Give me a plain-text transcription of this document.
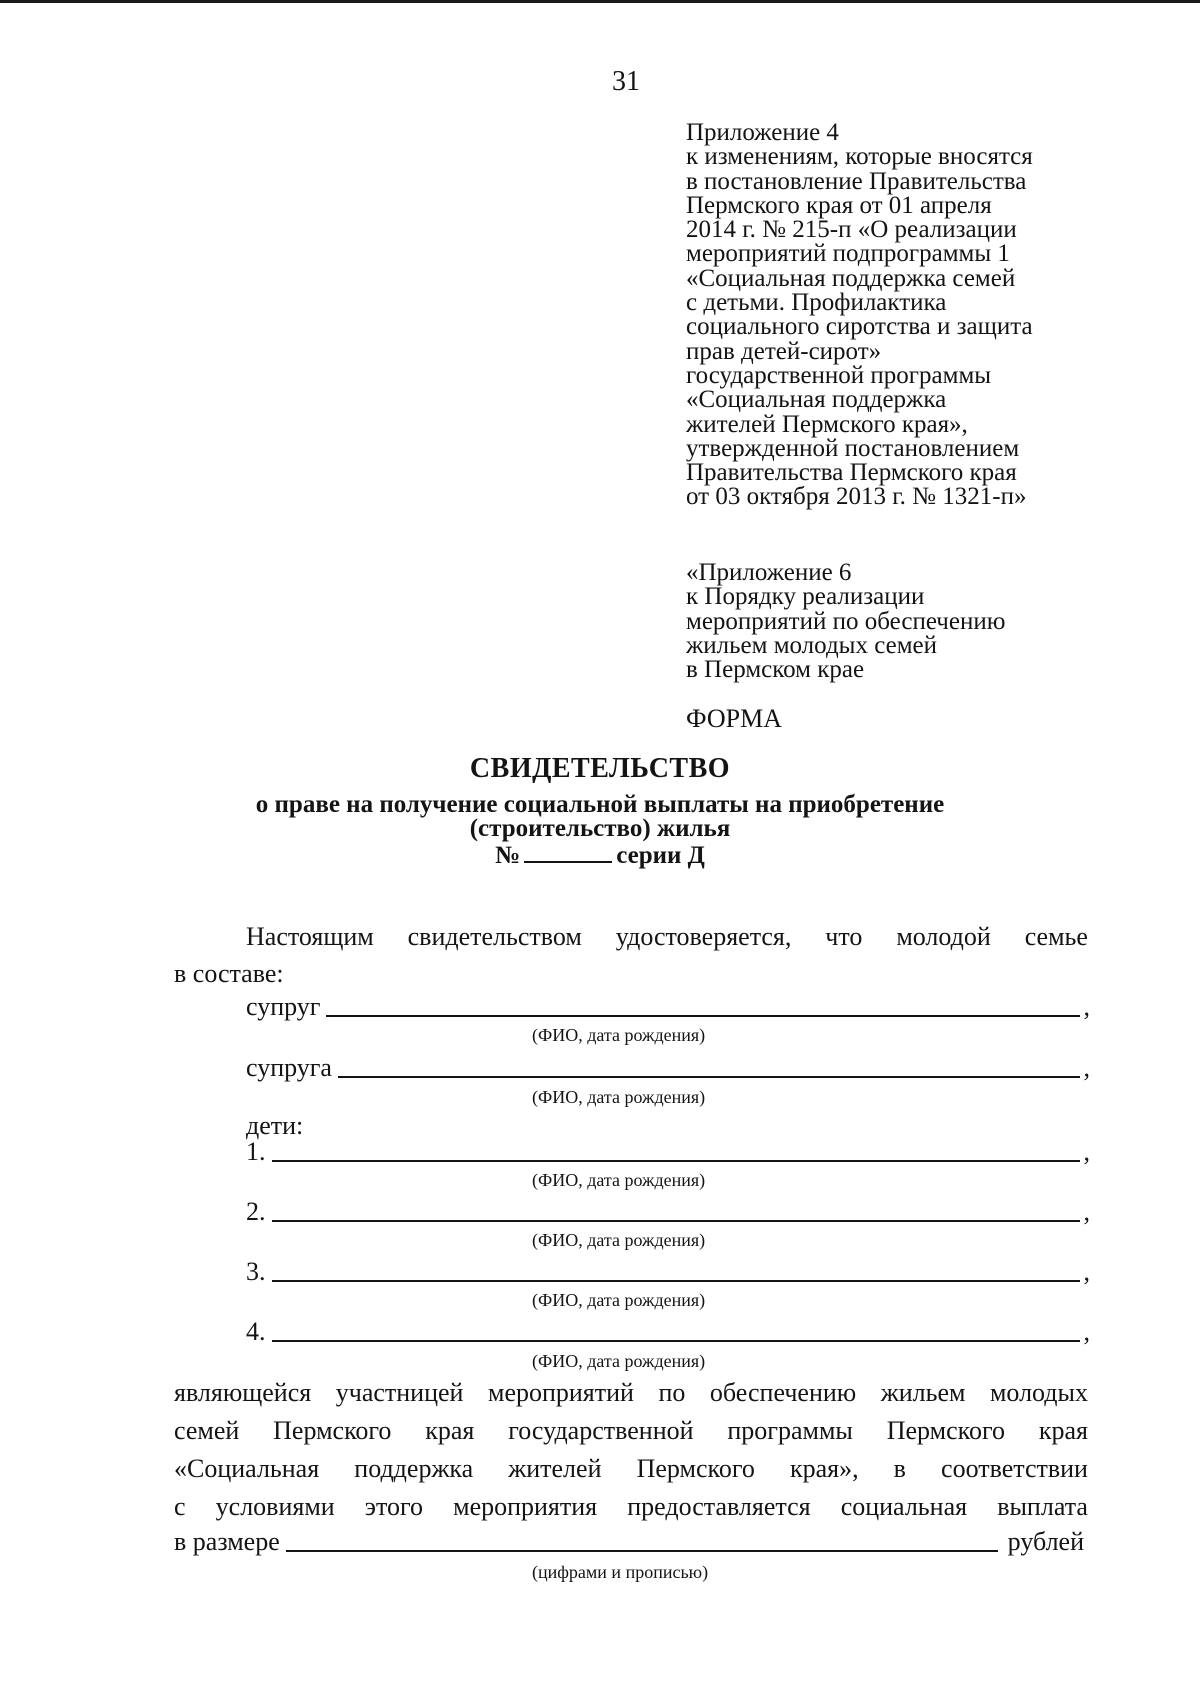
31
Приложение 4
к изменениям, которые вносятся
в постановление Правительства
Пермского края от 01 апреля
2014 г. № 215-п «О реализации
мероприятий подпрограммы 1
«Социальная поддержка семей
с детьми. Профилактика
социального сиротства и защита
прав детей-сирот»
государственной программы
«Социальная поддержка
жителей Пермского края»,
утвержденной постановлением
Правительства Пермского края
от 03 октября 2013 г. № 1321-п»
«Приложение 6
к Порядку реализации
мероприятий по обеспечению
жильем молодых семей
в Пермском крае
ФОРМА
СВИДЕТЕЛЬСТВО
о праве на получение социальной выплаты на приобретение
(строительство) жилья
№	серии Д
Настоящим свидетельством удостоверяется, что молодой семье
в составе:
супруг	,
(ФИО, дата рождения)
супруга	,
(ФИО, дата рождения)
дети:
1.	,
(ФИО, дата рождения)
2.	,
(ФИО, дата рождения)
3.	,
(ФИО, дата рождения)
4.	,
(ФИО, дата рождения)
являющейся участницей мероприятий по обеспечению жильем молодых
семей Пермского края государственной программы Пермского края
«Социальная поддержка жителей Пермского края», в соответствии
с условиями этого мероприятия предоставляется социальная выплата
в размере	рублей
(цифрами и прописью)
